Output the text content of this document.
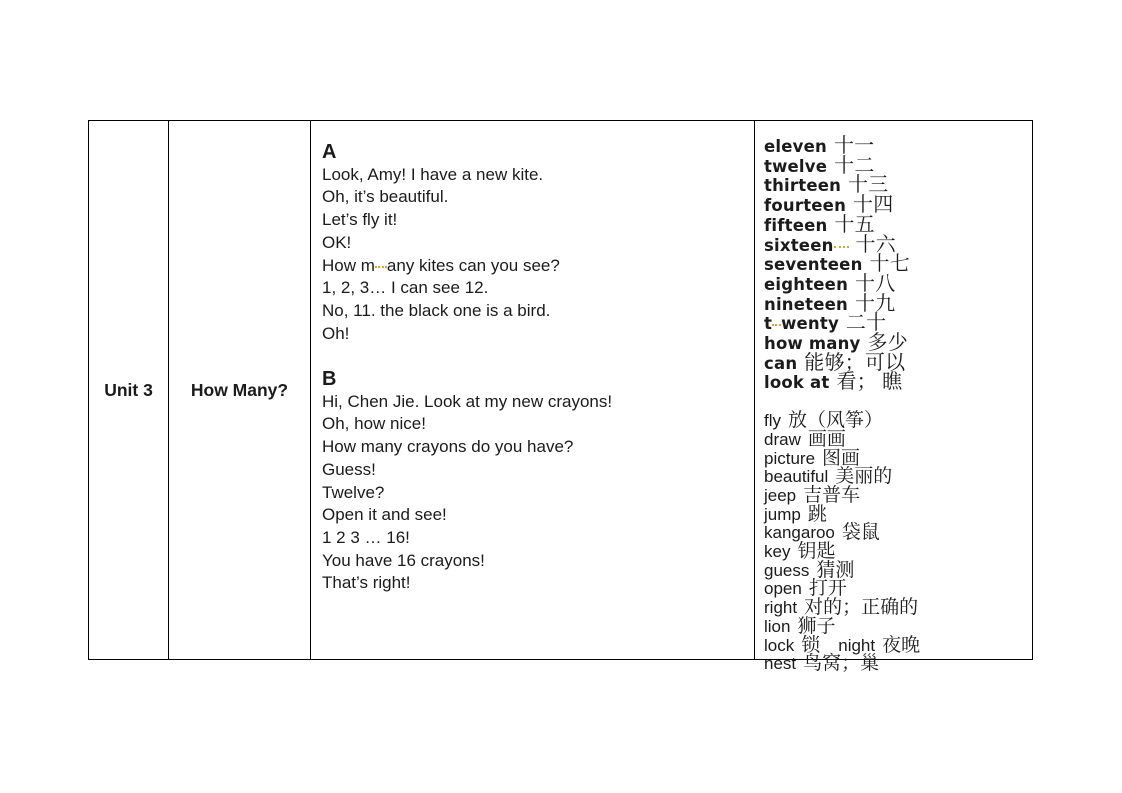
Unit 3 How Many?
A
Look, Amy! I have a new kite.
Oh, it’s beautiful.
Let’s fly it!
OK!
How m any kites can you see?
1, 2, 3… I can see 12.
No, 11. the black one is a bird.
Oh!
B
Hi, Chen Jie. Look at my new crayons!
Oh, how nice!
How many crayons do you have?
Guess!
Twelve?
Open it and see!
1 2 3 … 16!
You have 16 crayons!
That’s right!
eleven 十一
twelve 十二
thirteen 十三
fourteen 十四
fifteen 十五
sixteen 十六
seventeen 十七
eighteen 十八
nineteen 十九
t wenty 二十
how many 多少
can 能够；可以
look at 看； 瞧
fly 放（风筝）
draw 画画
picture 图画
beautiful 美丽的
jeep 吉普车
jump 跳
kangaroo 袋鼠
key 钥匙
guess 猜测
open 打开
right 对的；正确的
lion 狮子
lock 锁 night 夜晚
nest 鸟窝；巢
